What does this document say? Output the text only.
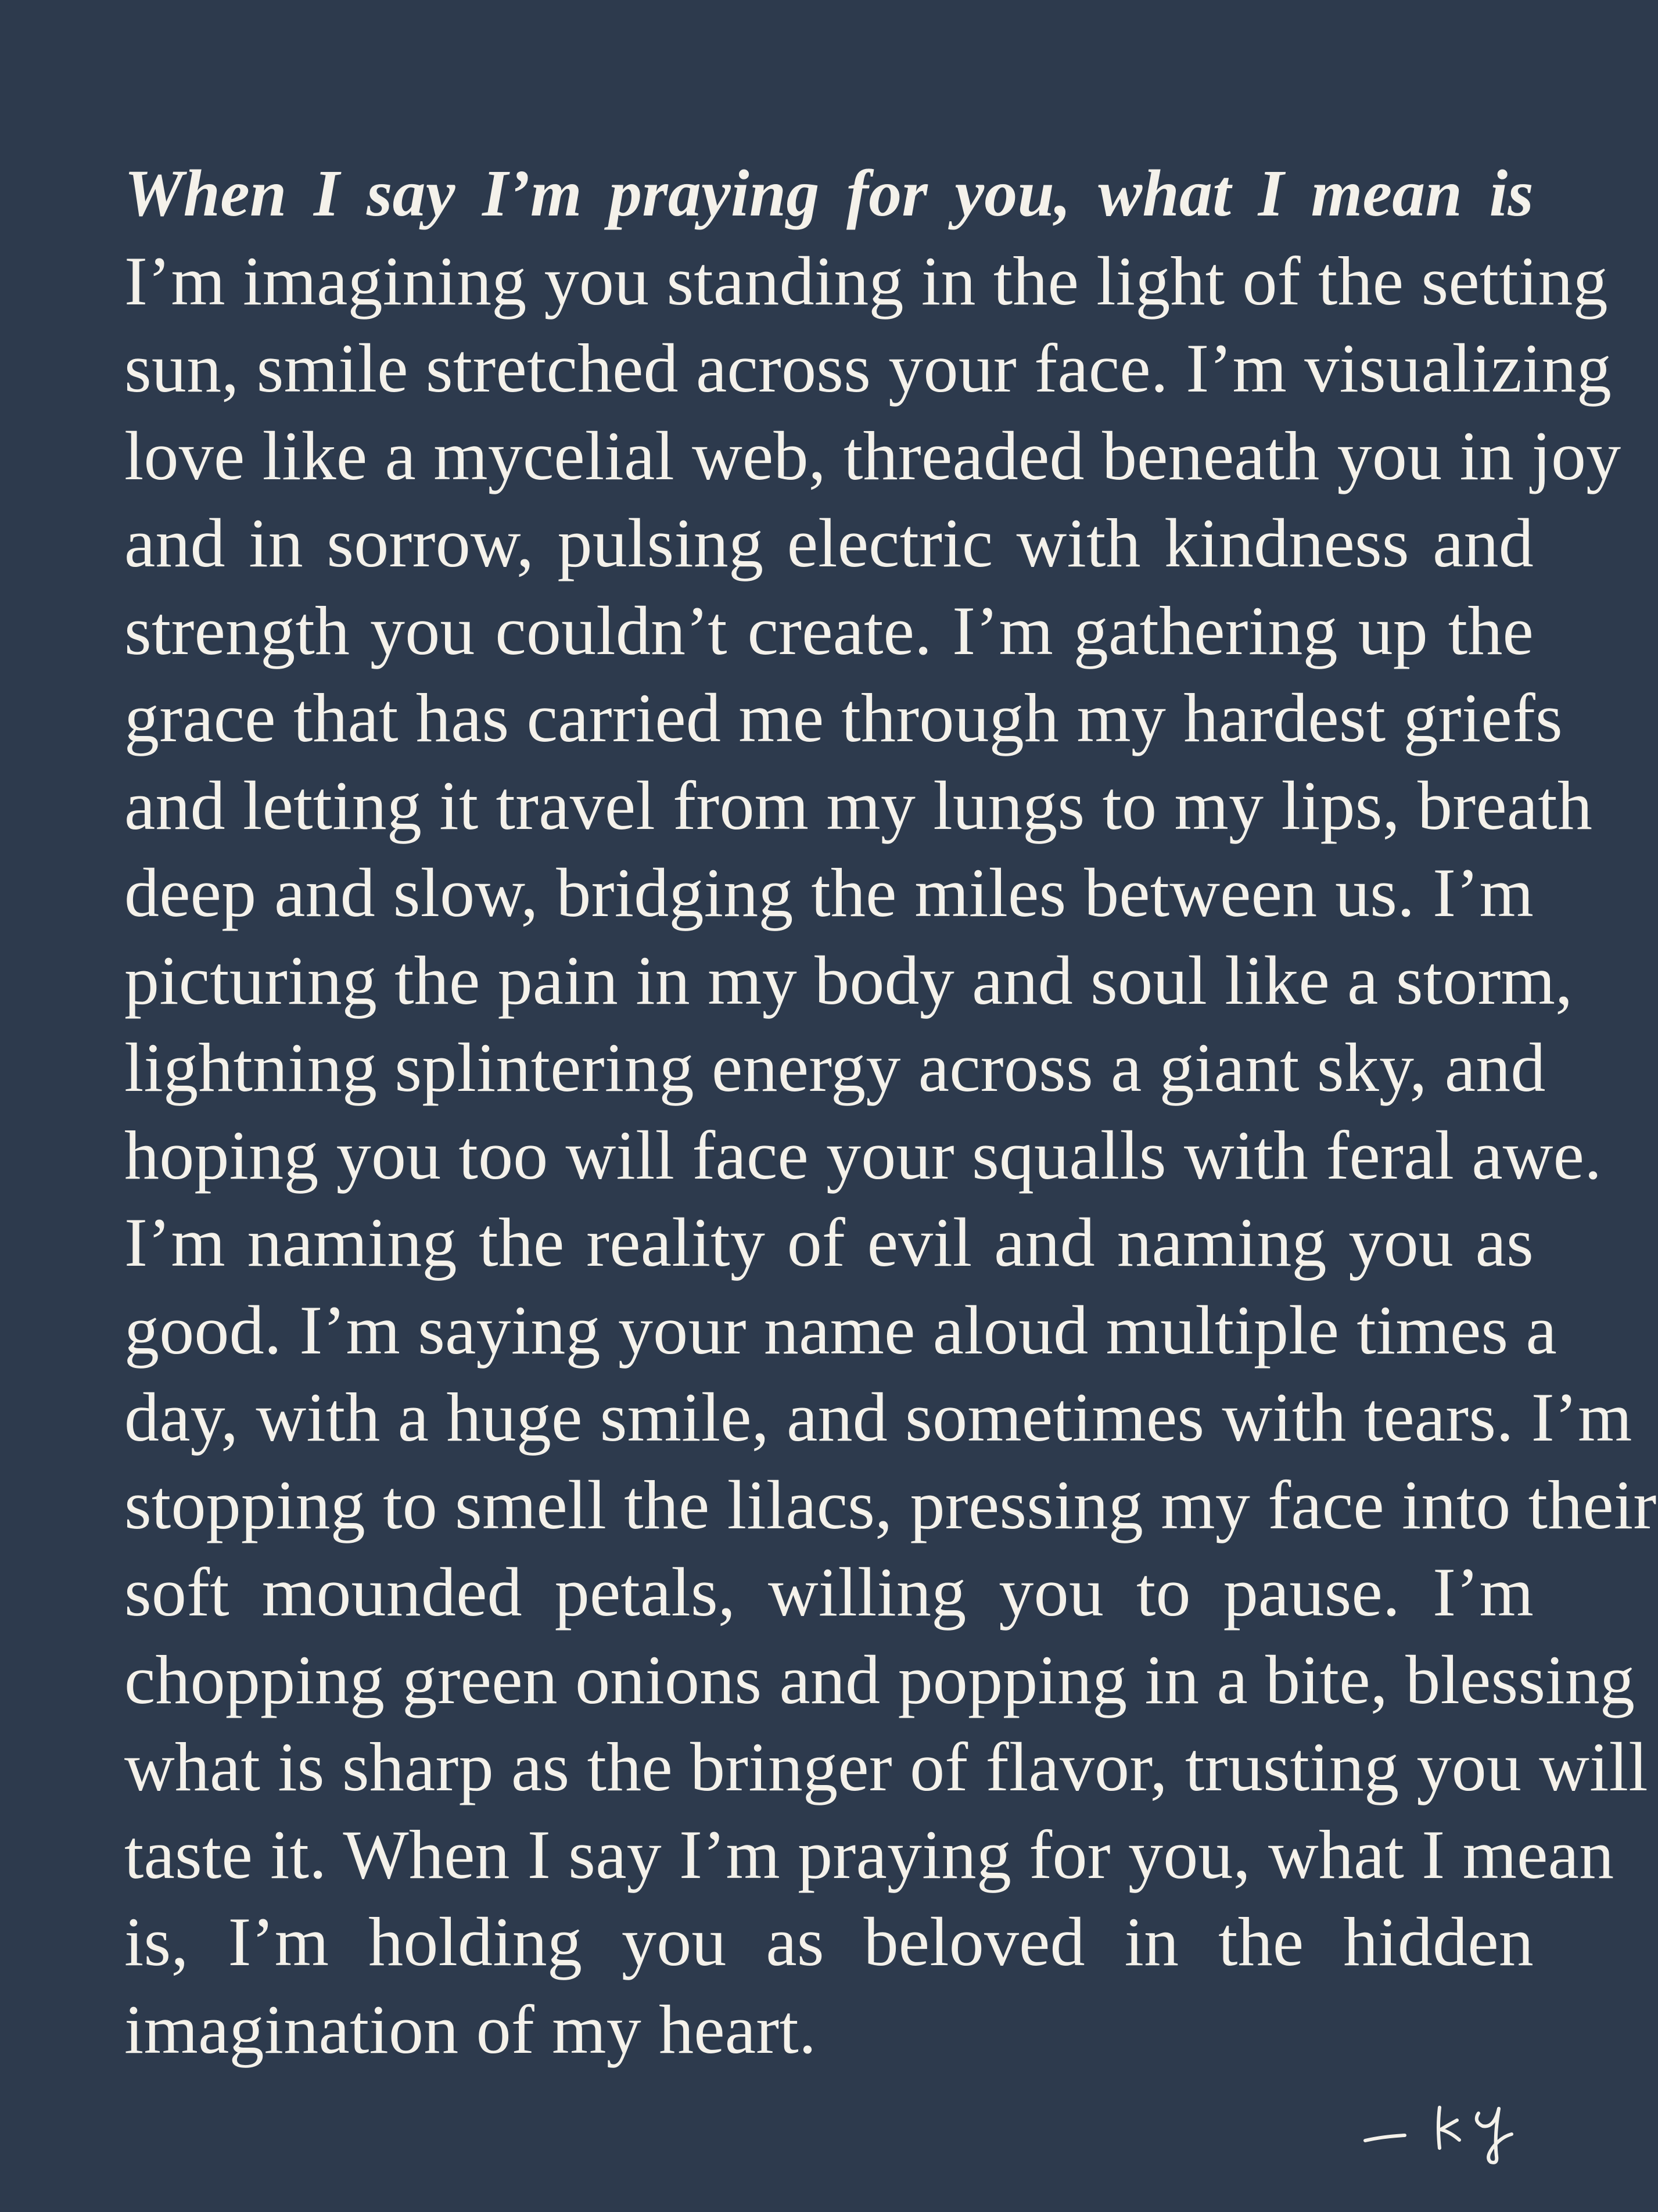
When I say I’m praying for you, what I mean is
I’m imagining you standing in the light of the setting
sun, smile stretched across your face. I’m visualizing
love like a mycelial web, threaded beneath you in joy
and in sorrow, pulsing electric with kindness and
strength you couldn’t create. I’m gathering up the
grace that has carried me through my hardest griefs
and letting it travel from my lungs to my lips, breath
deep and slow, bridging the miles between us. I’m
picturing the pain in my body and soul like a storm,
lightning splintering energy across a giant sky, and
hoping you too will face your squalls with feral awe.
I’m naming the reality of evil and naming you as
good. I’m saying your name aloud multiple times a
day, with a huge smile, and sometimes with tears. I’m
stopping to smell the lilacs, pressing my face into their
soft mounded petals, willing you to pause. I’m
chopping green onions and popping in a bite, blessing
what is sharp as the bringer of flavor, trusting you will
taste it. When I say I’m praying for you, what I mean
is, I’m holding you as beloved in the hidden
imagination of my heart.
